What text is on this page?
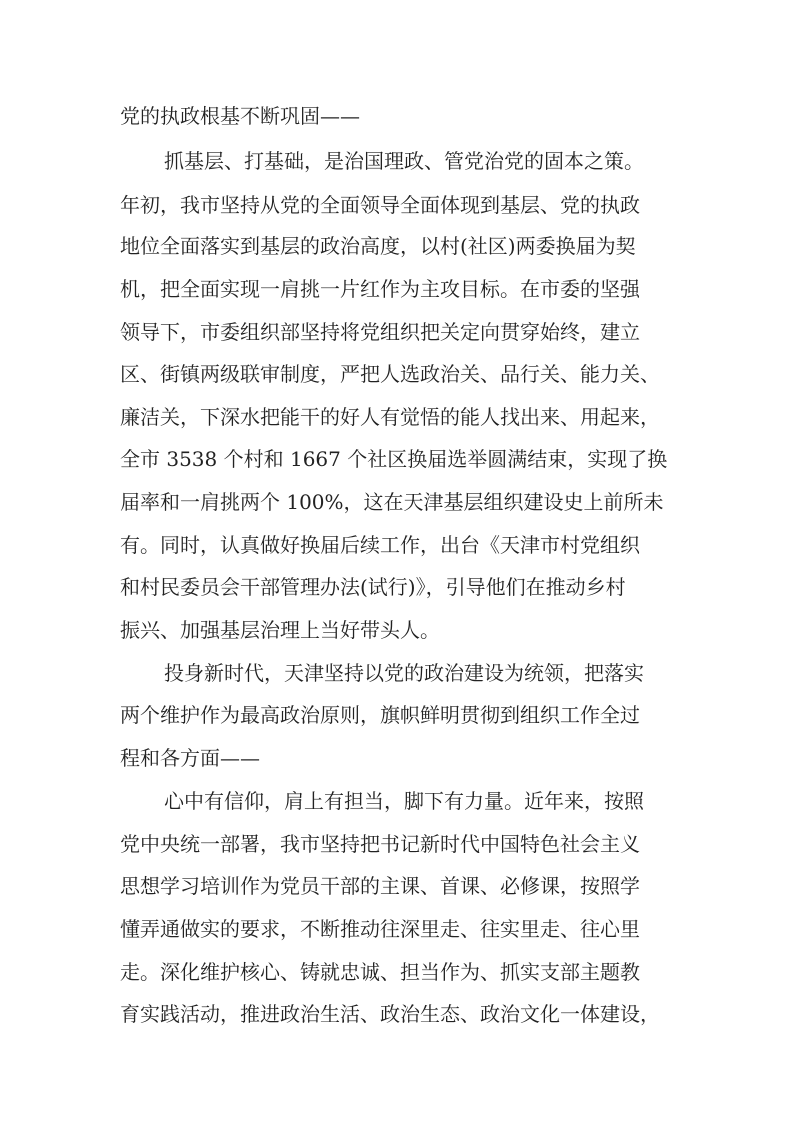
党的执政根基不断巩固——
抓基层、打基础，是治国理政、管党治党的固本之策。
年初，我市坚持从党的全面领导全面体现到基层、党的执政
地位全面落实到基层的政治高度，以村(社区)两委换届为契
机，把全面实现一肩挑一片红作为主攻目标。在市委的坚强
领导下，市委组织部坚持将党组织把关定向贯穿始终，建立
区、街镇两级联审制度，严把人选政治关、品行关、能力关、
廉洁关，下深水把能干的好人有觉悟的能人找出来、用起来，
全市 3538 个村和 1667 个社区换届选举圆满结束，实现了换
届率和一肩挑两个 100%，这在天津基层组织建设史上前所未
有。同时，认真做好换届后续工作，出台《天津市村党组织
和村民委员会干部管理办法(试行)》，引导他们在推动乡村
振兴、加强基层治理上当好带头人。
投身新时代，天津坚持以党的政治建设为统领，把落实
两个维护作为最高政治原则，旗帜鲜明贯彻到组织工作全过
程和各方面——
心中有信仰，肩上有担当，脚下有力量。近年来，按照
党中央统一部署，我市坚持把书记新时代中国特色社会主义
思想学习培训作为党员干部的主课、首课、必修课，按照学
懂弄通做实的要求，不断推动往深里走、往实里走、往心里
走。深化维护核心、铸就忠诚、担当作为、抓实支部主题教
育实践活动，推进政治生活、政治生态、政治文化一体建设，
